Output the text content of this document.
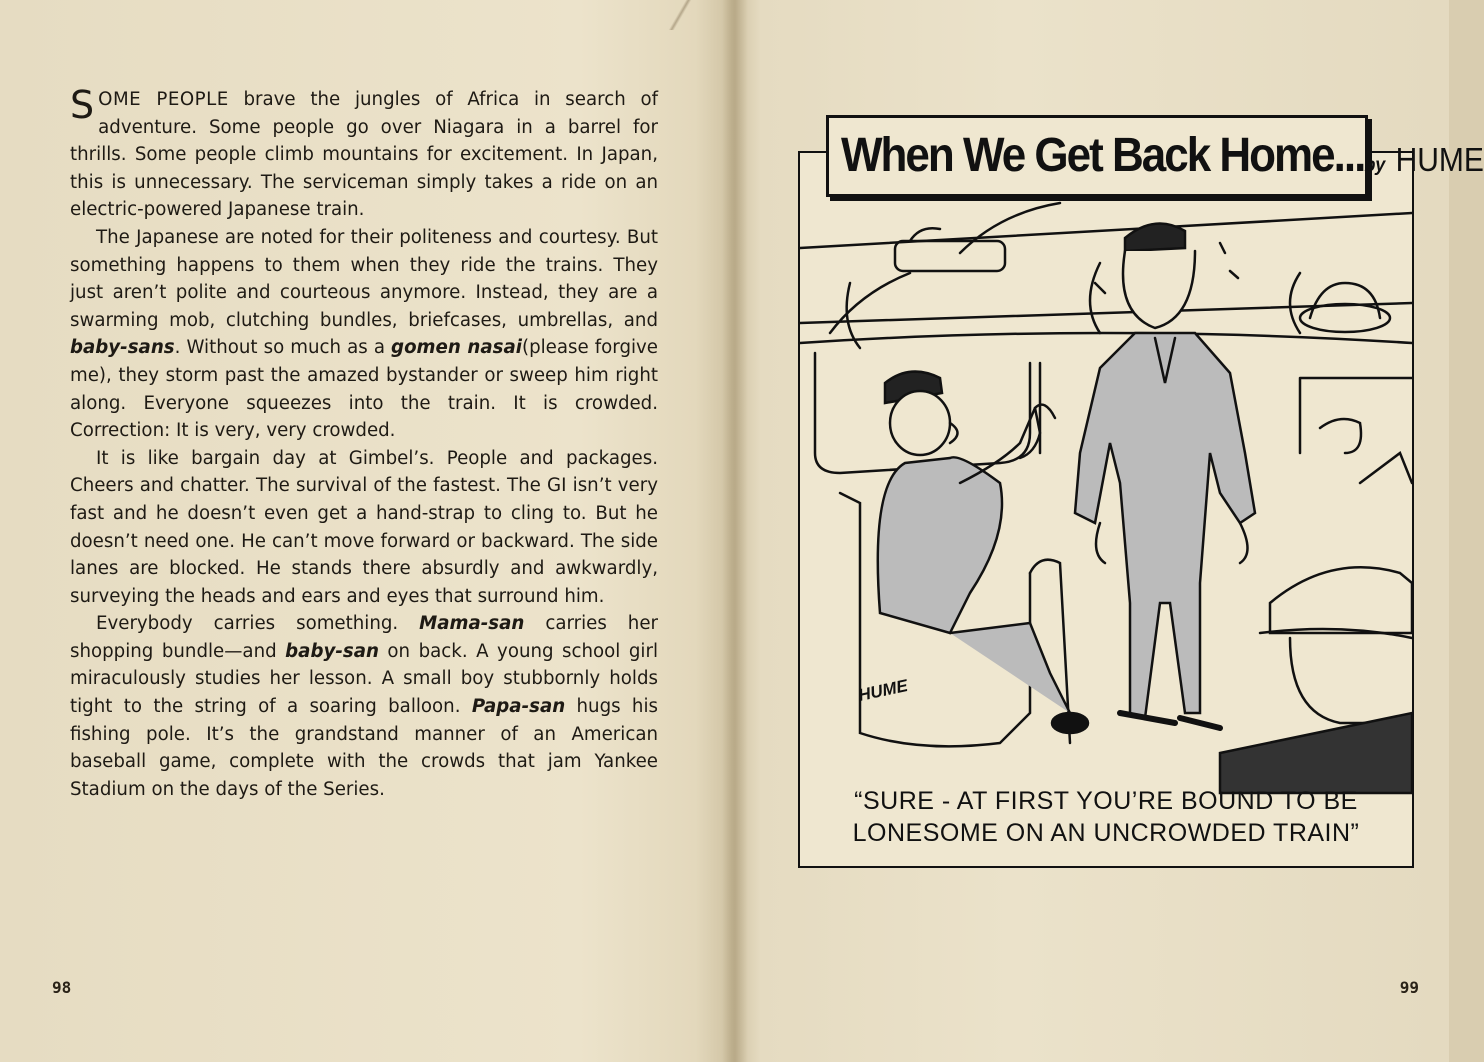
SOME PEOPLE brave the jungles of Africa in search of adventure. Some people go over Niagara in a barrel for thrills. Some people climb mountains for excitement. In Japan, this is unnecessary. The serviceman simply takes a ride on an electric-powered Japanese train.

The Japanese are noted for their politeness and courtesy. But something happens to them when they ride the trains. They just aren’t polite and courteous anymore. Instead, they are a swarming mob, clutching bundles, briefcases, umbrellas, and baby-sans. Without so much as a gomen nasai(please forgive me), they storm past the amazed bystander or sweep him right along. Everyone squeezes into the train. It is crowded. Correction: It is very, very crowded.

It is like bargain day at Gimbel’s. People and packages. Cheers and chatter. The survival of the fastest. The GI isn’t very fast and he doesn’t even get a hand-strap to cling to. But he doesn’t need one. He can’t move forward or backward. The side lanes are blocked. He stands there absurdly and awkwardly, surveying the heads and ears and eyes that surround him.

Everybody carries something. Mama-san carries her shopping bundle—and baby-san on back. A young school girl miraculously studies her lesson. A small boy stubbornly holds tight to the string of a soaring balloon. Papa-san hugs his fishing pole. It’s the grandstand manner of an American baseball game, complete with the crowds that jam Yankee Stadium on the days of the Series.

98
HUME
“SURE - AT FIRST YOU’RE BOUND TO BE
LONESOME ON AN UNCROWDED TRAIN”
When We Get Back Home...by HUME
99
